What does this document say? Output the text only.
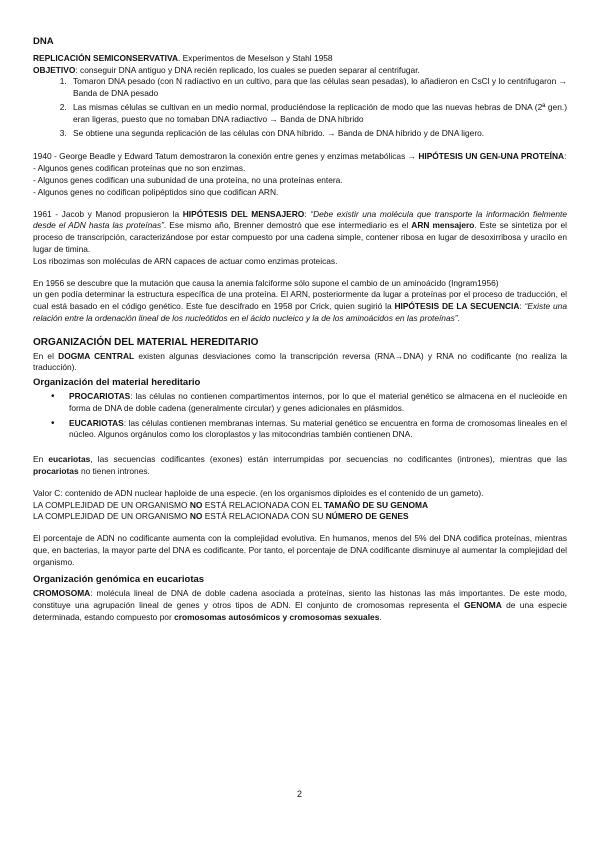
DNA

REPLICACIÓN SEMICONSERVATIVA. Experimentos de Meselson y Stahl 1958

OBJETIVO: conseguir DNA antiguo y DNA recién replicado, los cuales se pueden separar al centrifugar.

1. Tomaron DNA pesado (con N radiactivo en un cultivo, para que las células sean pesadas), lo añadieron en CsCl y lo centrifugaron → Banda de DNA pesado
2. Las mismas células se cultivan en un medio normal, produciéndose la replicación de modo que las nuevas hebras de DNA (2ª gen.) eran ligeras, puesto que no tomaban DNA radiactivo → Banda de DNA híbrido
3. Se obtiene una segunda replicación de las células con DNA híbrido. → Banda de DNA híbrido y de DNA ligero.

1940 - George Beadle y Edward Tatum demostraron la conexión entre genes y enzimas metabólicas → HIPÓTESIS UN GEN-UNA PROTEÍNA:

- Algunos genes codifican proteínas que no son enzimas.

- Algunos genes codifican una subunidad de una proteína, no una proteínas entera.

- Algunos genes no codifican polipéptidos sino que codifican ARN.

1961 - Jacob y Manod propusieron la HIPÓTESIS DEL MENSAJERO: “Debe existir una molécula que transporte la información fielmente desde el ADN hasta las proteínas”. Ese mismo año, Brenner demostró que ese intermediario es el ARN mensajero. Este se sintetiza por el proceso de transcripción, caracterizándose por estar compuesto por una cadena simple, contener ribosa en lugar de desoxirribosa y uracilo en lugar de timina.

Los ribozimas son moléculas de ARN capaces de actuar como enzimas proteicas.

En 1956 se descubre que la mutación que causa la anemia falciforme sólo supone el cambio de un aminoácido (Ingram1956)

un gen podía determinar la estructura específica de una proteína. El ARN, posteriormente da lugar a proteínas por el proceso de traducción, el cual está basado en el código genético. Este fue descifrado en 1958 por Crick, quien sugirió la HIPÓTESIS DE LA SECUENCIA: “Existe una relación entre la ordenación lineal de los nucleótidos en el ácido nucleico y la de los aminoácidos en las proteínas”.

ORGANIZACIÓN DEL MATERIAL HEREDITARIO

En el DOGMA CENTRAL existen algunas desviaciones como la transcripción reversa (RNA→DNA) y RNA no codificante (no realiza la traducción).

Organización del material hereditario
• PROCARIOTAS: las células no contienen compartimentos internos, por lo que el material genético se almacena en el nucleoide en forma de DNA de doble cadena (generalmente circular) y genes adicionales en plásmidos.
• EUCARIOTAS: las células contienen membranas internas. Su material genético se encuentra en forma de cromosomas lineales en el núcleo. Algunos orgánulos como los cloroplastos y las mitocondrias también contienen DNA.

En eucariotas, las secuencias codificantes (exones) están interrumpidas por secuencias no codificantes (intrones), mientras que las procariotas no tienen intrones.

Valor C: contenido de ADN nuclear haploide de una especie. (en los organismos diploides es el contenido de un gameto).

LA COMPLEJIDAD DE UN ORGANISMO NO ESTÁ RELACIONADA CON EL TAMAÑO DE SU GENOMA

LA COMPLEJIDAD DE UN ORGANISMO NO ESTÁ RELACIONADA CON SU NÚMERO DE GENES

El porcentaje de ADN no codificante aumenta con la complejidad evolutiva. En humanos, menos del 5% del DNA codifica proteínas, mientras que, en bacterias, la mayor parte del DNA es codificante. Por tanto, el porcentaje de DNA codificante disminuye al aumentar la complejidad del organismo.

Organización genómica en eucariotas

CROMOSOMA: molécula lineal de DNA de doble cadena asociada a proteínas, siento las histonas las más importantes. De este modo, constituye una agrupación lineal de genes y otros tipos de ADN. El conjunto de cromosomas representa el GENOMA de una especie determinada, estando compuesto por cromosomas autosómicos y cromosomas sexuales.

2
